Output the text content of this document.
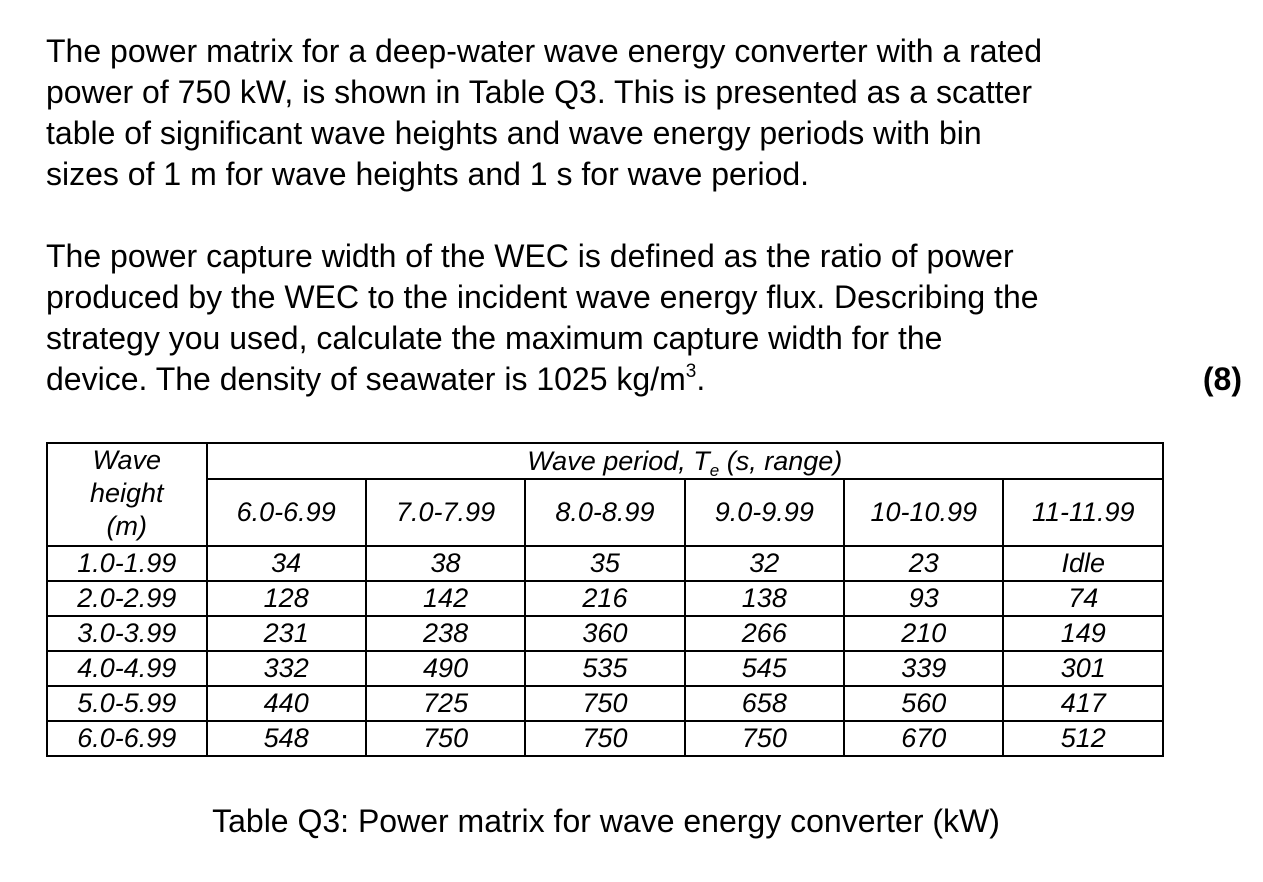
The power matrix for a deep-water wave energy converter with a rated
power of 750 kW, is shown in Table Q3. This is presented as a scatter
table of significant wave heights and wave energy periods with bin
sizes of 1 m for wave heights and 1 s for wave period.
The power capture width of the WEC is defined as the ratio of power
produced by the WEC to the incident wave energy flux. Describing the
strategy you used, calculate the maximum capture width for the
device. The density of seawater is 1025 $kg/m^3$.	(8)
Wave
height
(m)	Wave period, $T_e$ (s, range)					
	6.0-6.99	7.0-7.99	8.0-8.99	9.0-9.99	10-10.99	11-11.99
1.0-1.99	34	38	35	32	23	Idle
2.0-2.99	128	142	216	138	93	74
3.0-3.99	231	238	360	266	210	149
4.0-4.99	332	490	535	545	339	301
5.0-5.99	440	725	750	658	560	417
6.0-6.99	548	750	750	750	670	512
Table Q3: Power matrix for wave energy converter (kW)
